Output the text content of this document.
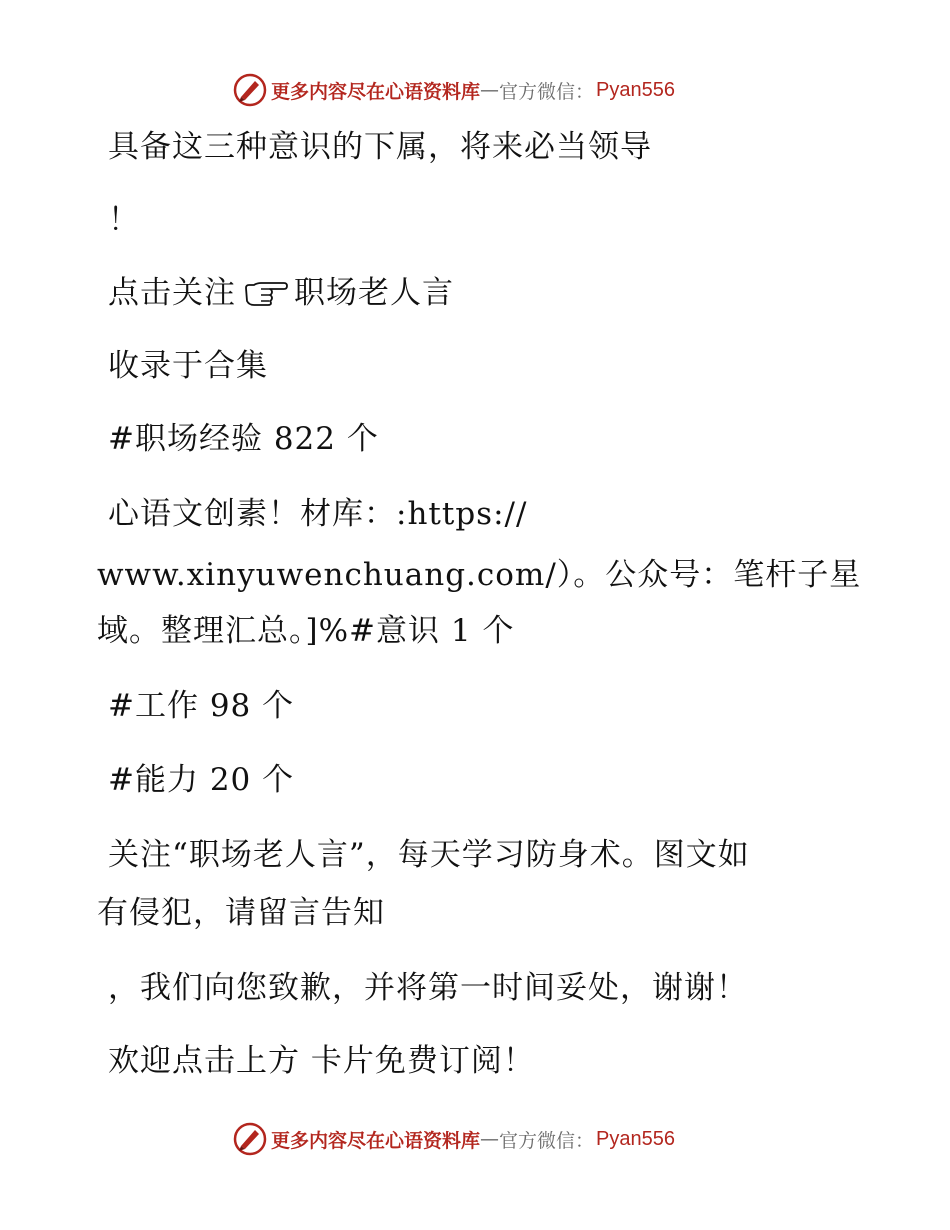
更多内容尽在心语资料库 — 官方微信： Pyan556
具备这三种意识的下属，将来必当领导
！
点击关注 职场老人言
收录于合集
#职场经验 822 个
心语文创素！材库：:https://
www.xinyuwenchuang.com/）。公众号：笔杆子星
域。整理汇总。]%#意识 1 个
#工作 98 个
#能力 20 个
关注“职场老人言”，每天学习防身术。图文如
有侵犯，请留言告知
，我们向您致歉，并将第一时间妥处，谢谢！
欢迎点击上方 卡片免费订阅！
更多内容尽在心语资料库 — 官方微信： Pyan556
